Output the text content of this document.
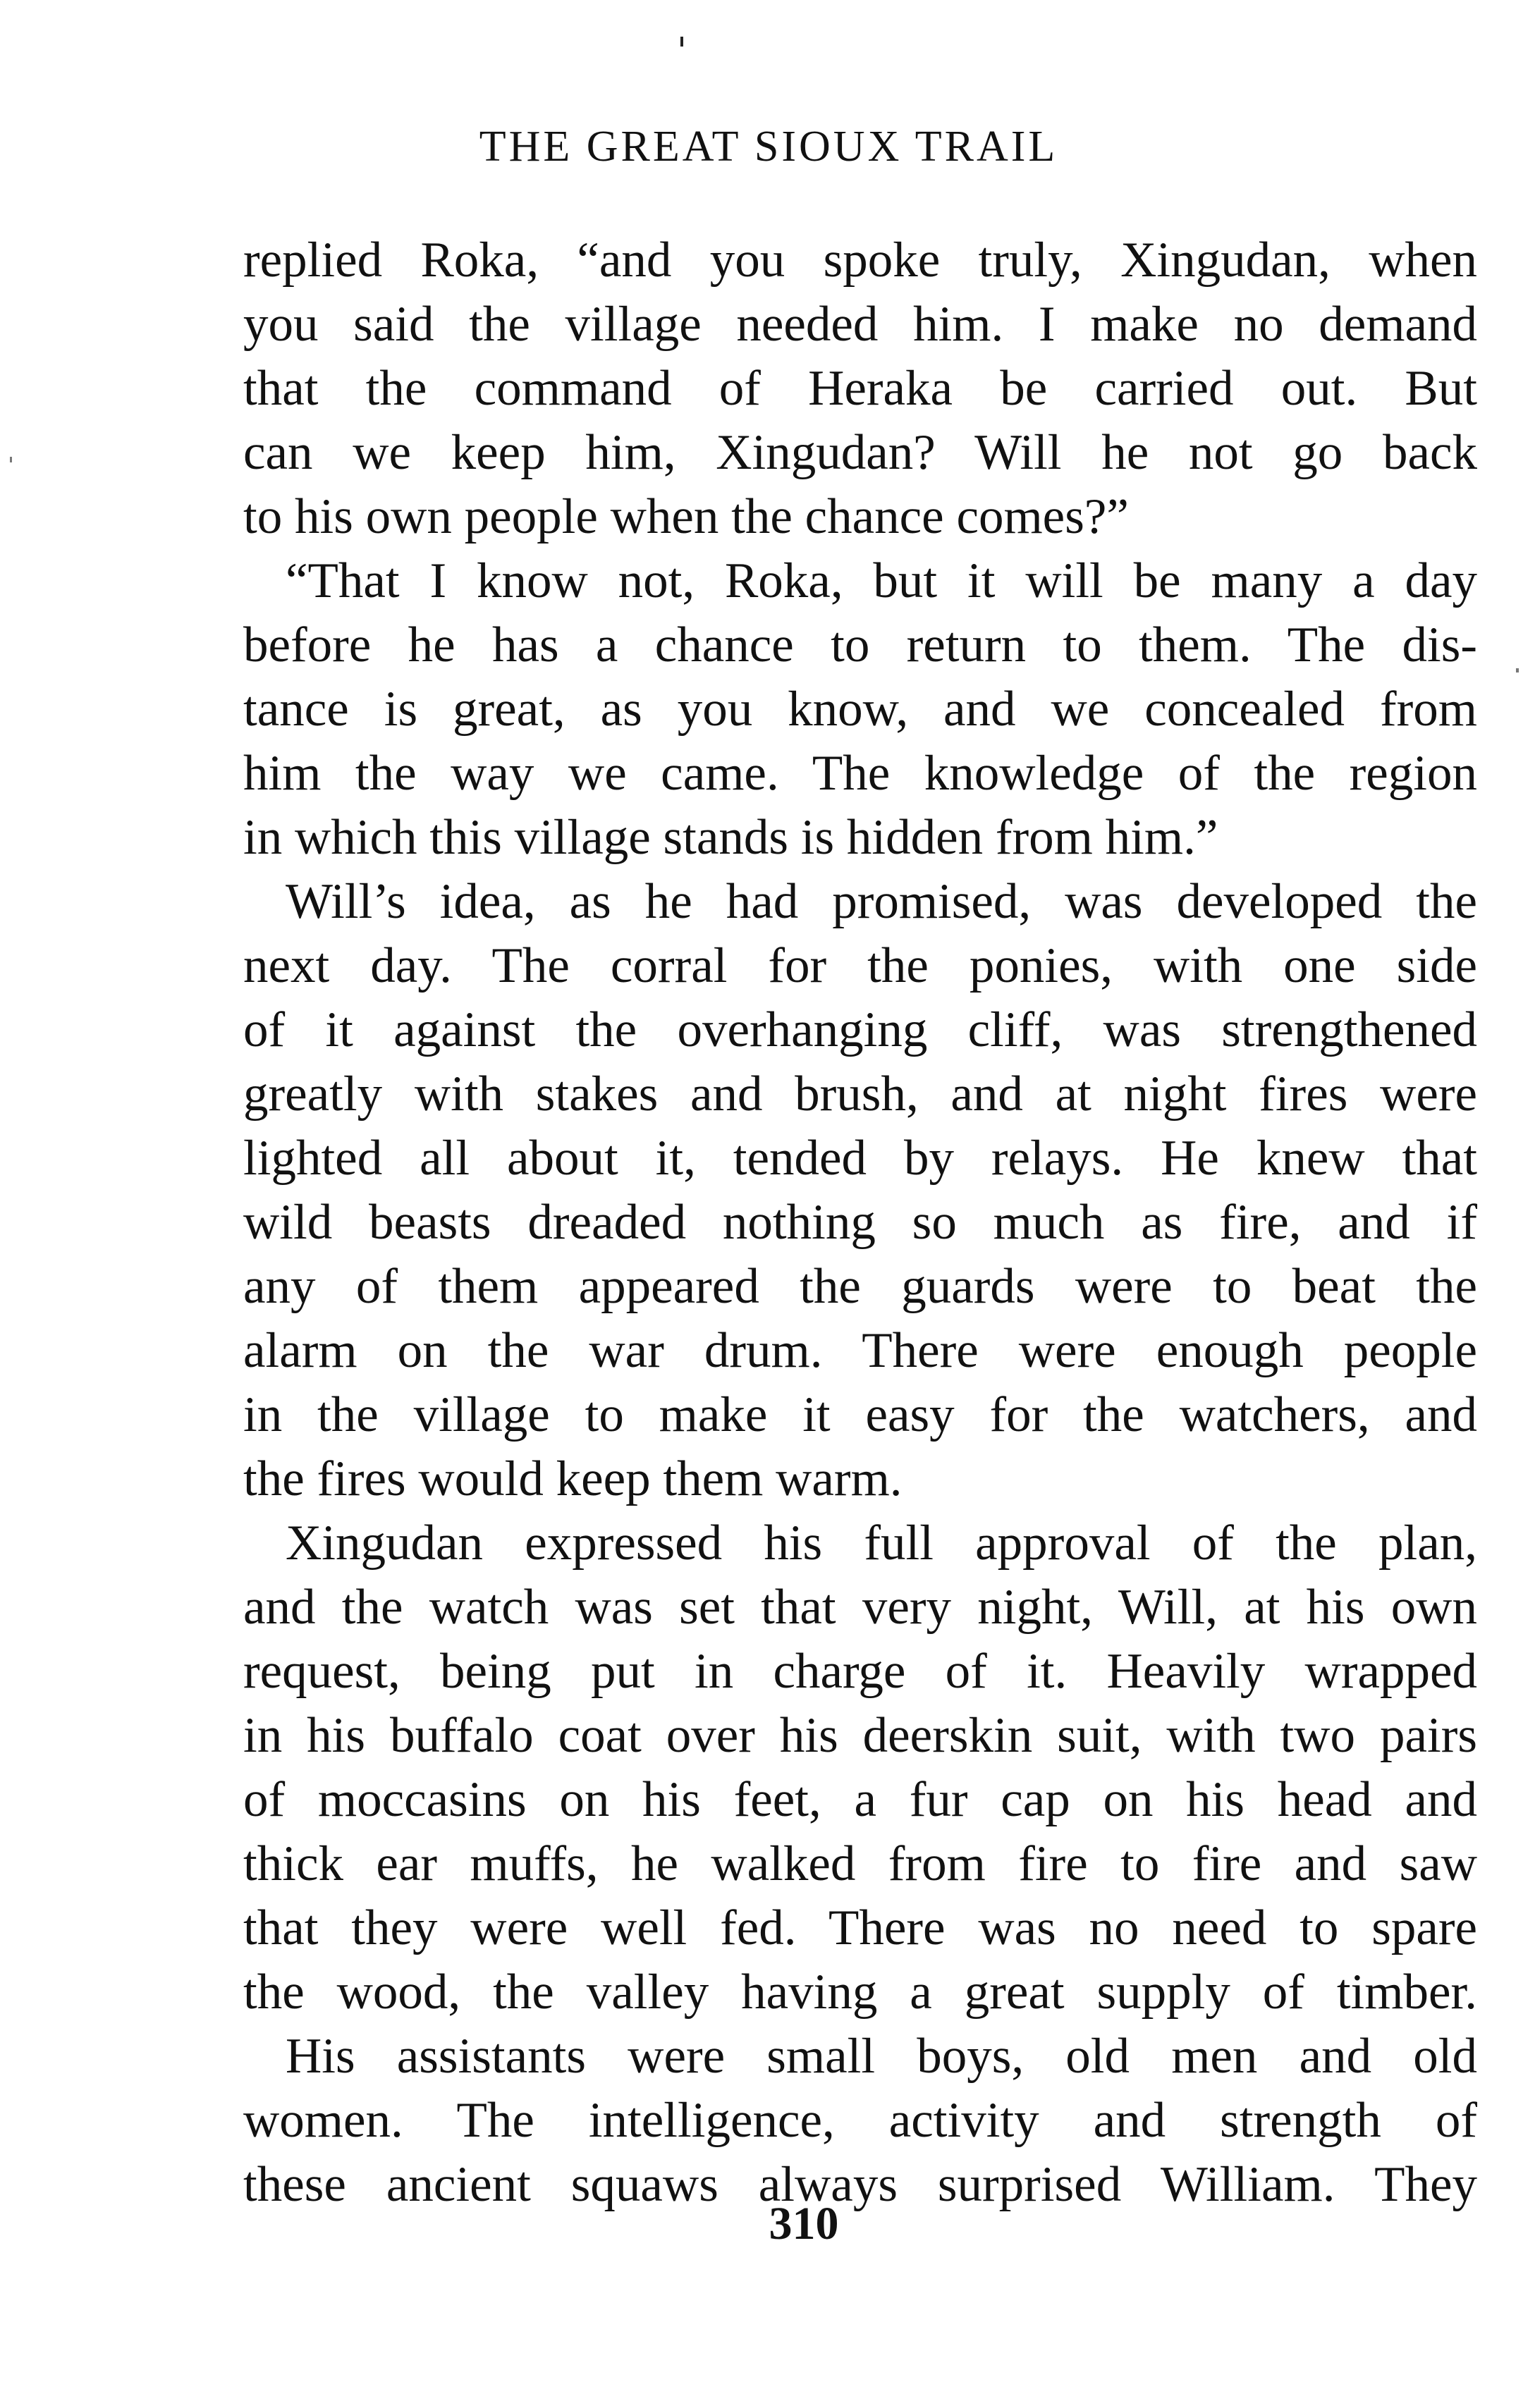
THE GREAT SIOUX TRAIL
replied Roka, “and you spoke truly, Xingudan, when
you said the village needed him. I make no demand
that the command of Heraka be carried out. But
can we keep him, Xingudan? Will he not go back
to his own people when the chance comes?”
“That I know not, Roka, but it will be many a day
before he has a chance to return to them. The dis-
tance is great, as you know, and we concealed from
him the way we came. The knowledge of the region
in which this village stands is hidden from him.”
Will’s idea, as he had promised, was developed the
next day. The corral for the ponies, with one side
of it against the overhanging cliff, was strengthened
greatly with stakes and brush, and at night fires were
lighted all about it, tended by relays. He knew that
wild beasts dreaded nothing so much as fire, and if
any of them appeared the guards were to beat the
alarm on the war drum. There were enough people
in the village to make it easy for the watchers, and
the fires would keep them warm.
Xingudan expressed his full approval of the plan,
and the watch was set that very night, Will, at his own
request, being put in charge of it. Heavily wrapped
in his buffalo coat over his deerskin suit, with two pairs
of moccasins on his feet, a fur cap on his head and
thick ear muffs, he walked from fire to fire and saw
that they were well fed. There was no need to spare
the wood, the valley having a great supply of timber.
His assistants were small boys, old men and old
women. The intelligence, activity and strength of
these ancient squaws always surprised William. They
310
